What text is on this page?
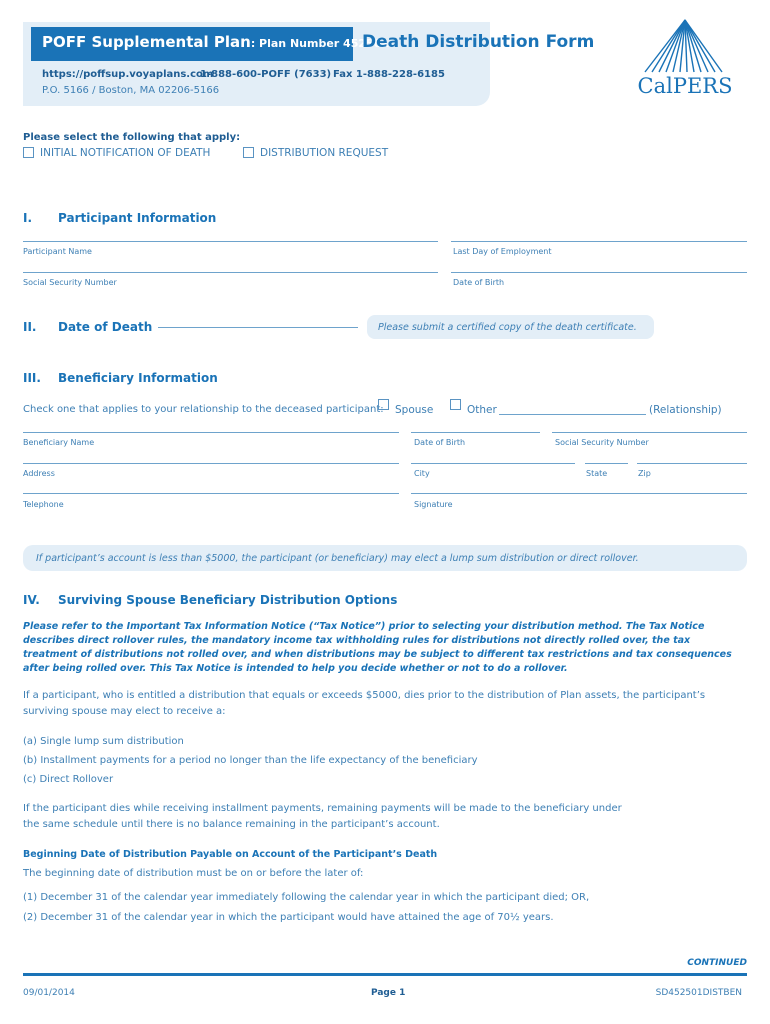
POFF Supplemental Plan: Plan Number 452501
Death Distribution Form
https://poffsup.voyaplans.com
1-888-600-POFF (7633) Fax 1-888-228-6185
P.O. 5166 / Boston, MA 02206-5166	CalPERS
Please select the following that apply:
INITIAL NOTIFICATION OF DEATH	DISTRIBUTION REQUEST
I. Participant Information
Participant Name	Last Day of Employment
Social Security Number	Date of Birth
II. Date of Death	Please submit a certified copy of the death certificate.
III. Beneficiary Information
Check one that applies to your relationship to the deceased participant:	Spouse	Other	(Relationship)
Beneficiary Name	Date of Birth	Social Security Number
Address	City	State	Zip
Telephone	Signature
If participant’s account is less than $5000, the participant (or beneficiary) may elect a lump sum distribution or direct rollover.
IV. Surviving Spouse Beneficiary Distribution Options

Please refer to the Important Tax Information Notice (“Tax Notice”) prior to selecting your distribution method. The Tax Notice describes direct rollover rules, the mandatory income tax withholding rules for distributions not directly rolled over, the tax treatment of distributions not rolled over, and when distributions may be subject to different tax restrictions and tax consequences after being rolled over. This Tax Notice is intended to help you decide whether or not to do a rollover.

If a participant, who is entitled a distribution that equals or exceeds $5000, dies prior to the distribution of Plan assets, the participant’s surviving spouse may elect to receive a:

(a) Single lump sum distribution
(b) Installment payments for a period no longer than the life expectancy of the beneficiary
(c) Direct Rollover

If the participant dies while receiving installment payments, remaining payments will be made to the beneficiary under the same schedule until there is no balance remaining in the participant’s account.

Beginning Date of Distribution Payable on Account of the Participant’s Death
The beginning date of distribution must be on or before the later of:
(1) December 31 of the calendar year immediately following the calendar year in which the participant died; OR,
(2) December 31 of the calendar year in which the participant would have attained the age of 70½ years.
CONTINUED
09/01/2014	Page 1	SD452501DISTBEN
